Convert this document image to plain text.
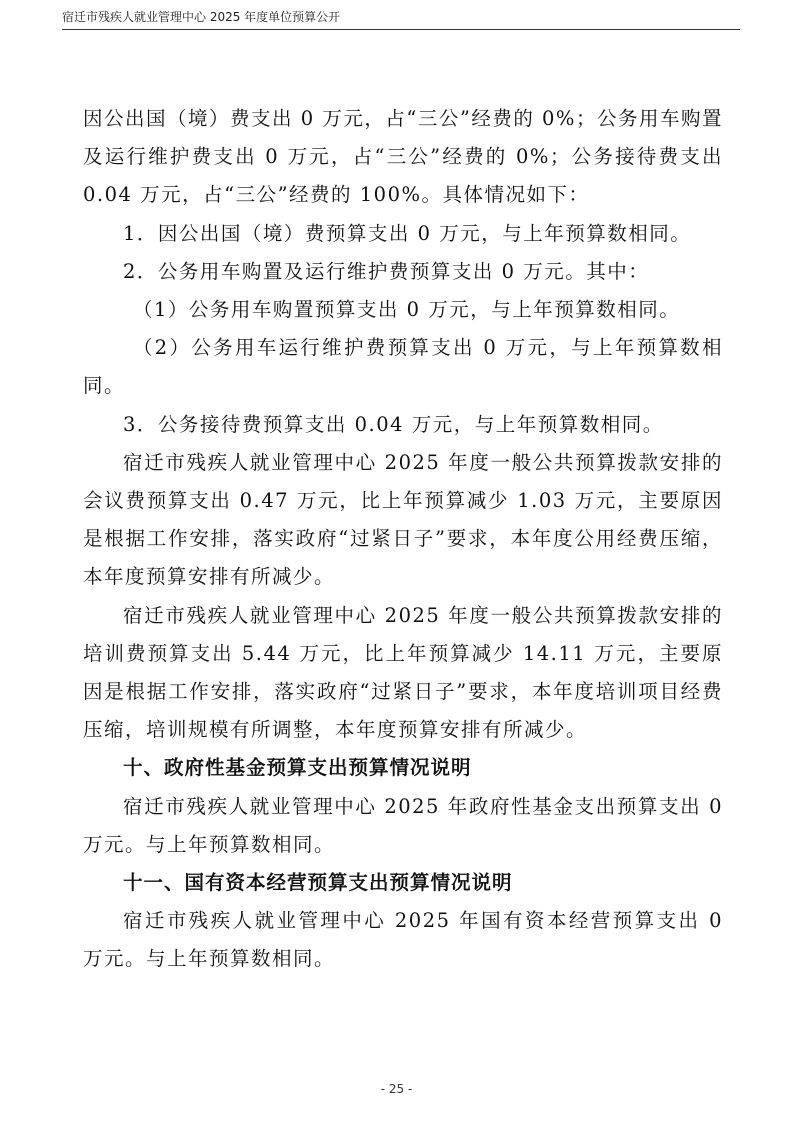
宿迁市残疾人就业管理中心 2025 年度单位预算公开

因公出国（境）费支出 0 万元，占“三公”经费的 0%；公务用车购置及运行维护费支出 0 万元，占“三公”经费的 0%；公务接待费支出 0.04 万元，占“三公”经费的 100%。具体情况如下：

1．因公出国（境）费预算支出 0 万元，与上年预算数相同。

2．公务用车购置及运行维护费预算支出 0 万元。其中：

（1）公务用车购置预算支出 0 万元，与上年预算数相同。

（2）公务用车运行维护费预算支出 0 万元，与上年预算数相同。

3．公务接待费预算支出 0.04 万元，与上年预算数相同。

宿迁市残疾人就业管理中心 2025 年度一般公共预算拨款安排的会议费预算支出 0.47 万元，比上年预算减少 1.03 万元，主要原因是根据工作安排，落实政府“过紧日子”要求，本年度公用经费压缩，本年度预算安排有所减少。

宿迁市残疾人就业管理中心 2025 年度一般公共预算拨款安排的培训费预算支出 5.44 万元，比上年预算减少 14.11 万元，主要原因是根据工作安排，落实政府“过紧日子”要求，本年度培训项目经费压缩，培训规模有所调整，本年度预算安排有所减少。

十、政府性基金预算支出预算情况说明

宿迁市残疾人就业管理中心 2025 年政府性基金支出预算支出 0 万元。与上年预算数相同。

十一、国有资本经营预算支出预算情况说明

宿迁市残疾人就业管理中心 2025 年国有资本经营预算支出 0 万元。与上年预算数相同。

- 25 -
